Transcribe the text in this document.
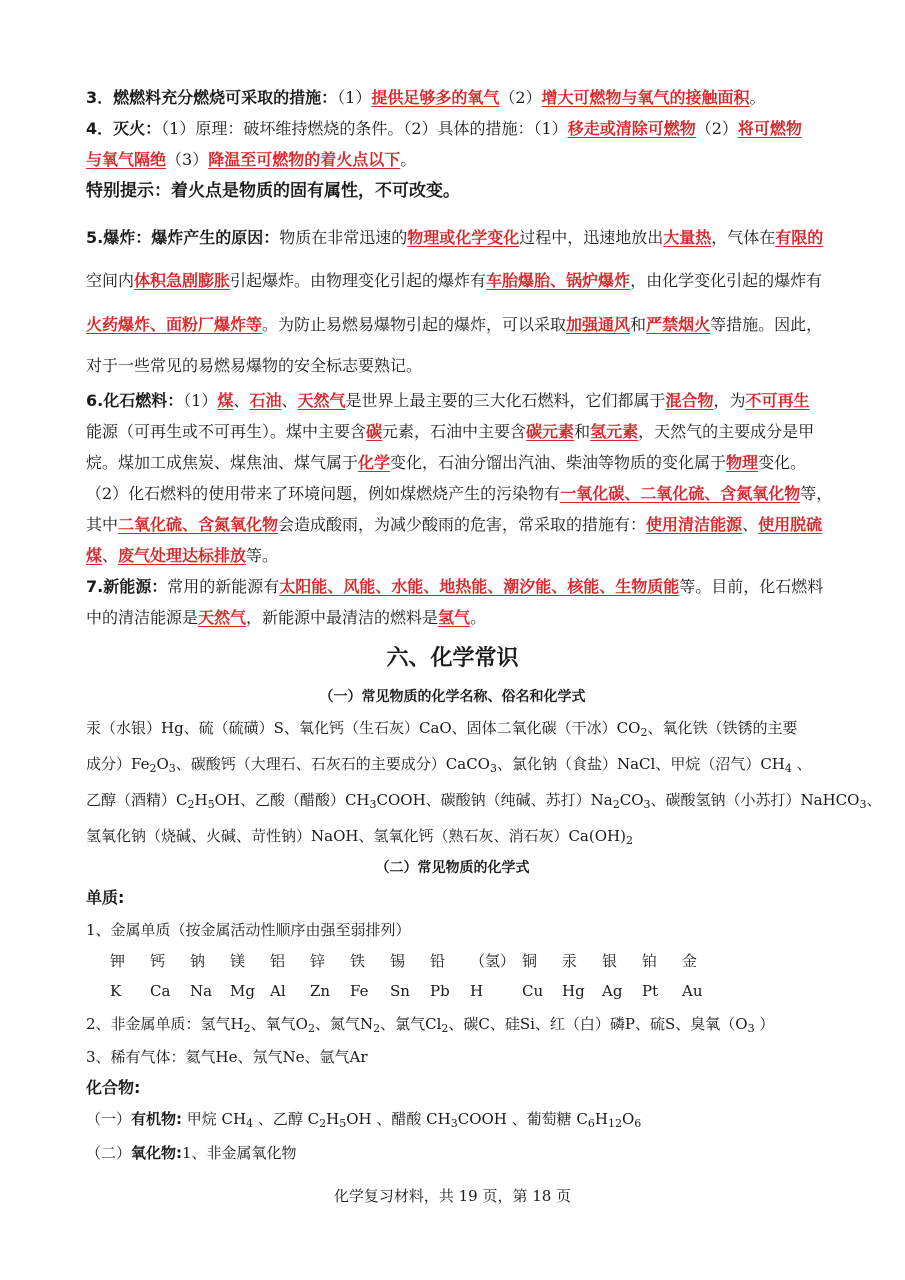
3．燃燃料充分燃烧可采取的措施：（1）提供足够多的氧气（2）增大可燃物与氧气的接触面积。
4．灭火：（1）原理：破坏维持燃烧的条件。（2）具体的措施：（1）移走或清除可燃物（2）将可燃物
与氧气隔绝（3）降温至可燃物的着火点以下。
特别提示：着火点是物质的固有属性，不可改变。
5.爆炸：爆炸产生的原因：物质在非常迅速的物理或化学变化过程中，迅速地放出大量热，气体在有限的
空间内体积急剧膨胀引起爆炸。由物理变化引起的爆炸有车胎爆胎、锅炉爆炸，由化学变化引起的爆炸有
火药爆炸、面粉厂爆炸等。为防止易燃易爆物引起的爆炸，可以采取加强通风和严禁烟火等措施。因此，
对于一些常见的易燃易爆物的安全标志要熟记。
6.化石燃料：（1）煤、石油、天然气是世界上最主要的三大化石燃料，它们都属于混合物，为不可再生
能源（可再生或不可再生）。煤中主要含碳元素，石油中主要含碳元素和氢元素，天然气的主要成分是甲
烷。煤加工成焦炭、煤焦油、煤气属于化学变化，石油分馏出汽油、柴油等物质的变化属于物理变化。
（2）化石燃料的使用带来了环境问题，例如煤燃烧产生的污染物有一氧化碳、二氧化硫、含氮氧化物等，
其中二氧化硫、含氮氧化物会造成酸雨，为减少酸雨的危害，常采取的措施有：使用清洁能源、使用脱硫
煤、废气处理达标排放等。
7.新能源：常用的新能源有太阳能、风能、水能、地热能、潮汐能、核能、生物质能等。目前，化石燃料
中的清洁能源是天然气，新能源中最清洁的燃料是氢气。
六、化学常识
（一）常见物质的化学名称、俗名和化学式
汞（水银）Hg、硫（硫磺）S、氧化钙（生石灰）CaO、固体二氧化碳（干冰）$CO_2$、氧化铁（铁锈的主要
成分）$Fe_2O_3$、碳酸钙（大理石、石灰石的主要成分）CaCO$_3$、氯化钠（食盐）NaCl、甲烷（沼气）$CH_4$ 、
乙醇（酒精）$C_2H_5OH$、乙酸（醋酸）$CH_3COOH$、碳酸钠（纯碱、苏打）$Na_2CO_3$、碳酸氢钠（小苏打）NaHCO$_3$、
氢氧化钠（烧碱、火碱、苛性钠）NaOH、氢氧化钙（熟石灰、消石灰）$Ca(OH)_2$
（二）常见物质的化学式
单质:
1、金属单质（按金属活动性顺序由强至弱排列）
钾 钙 钠 镁 铝 锌 铁 锡 铅 （氢） 铜 汞 银 铂 金
K Ca Na Mg Al Zn Fe Sn Pb H	Cu Hg Ag Pt Au
2、非金属单质：氢气$H_2$、氧气$O_2$、氮气$N_2$、氯气$Cl_2$、碳C、硅Si、红（白）磷P、硫S、臭氧（$O_3$ ）
3、稀有气体：氦气He、氖气Ne、氩气Ar
化合物:
（一）有机物: 甲烷 $CH_4$ 、乙醇 $C_2H_5OH$ 、醋酸 $CH_3COOH$ 、葡萄糖 $C_6H_{12}O_6$
（二）氧化物:1、非金属氧化物
化学复习材料，共 19 页，第 18 页
